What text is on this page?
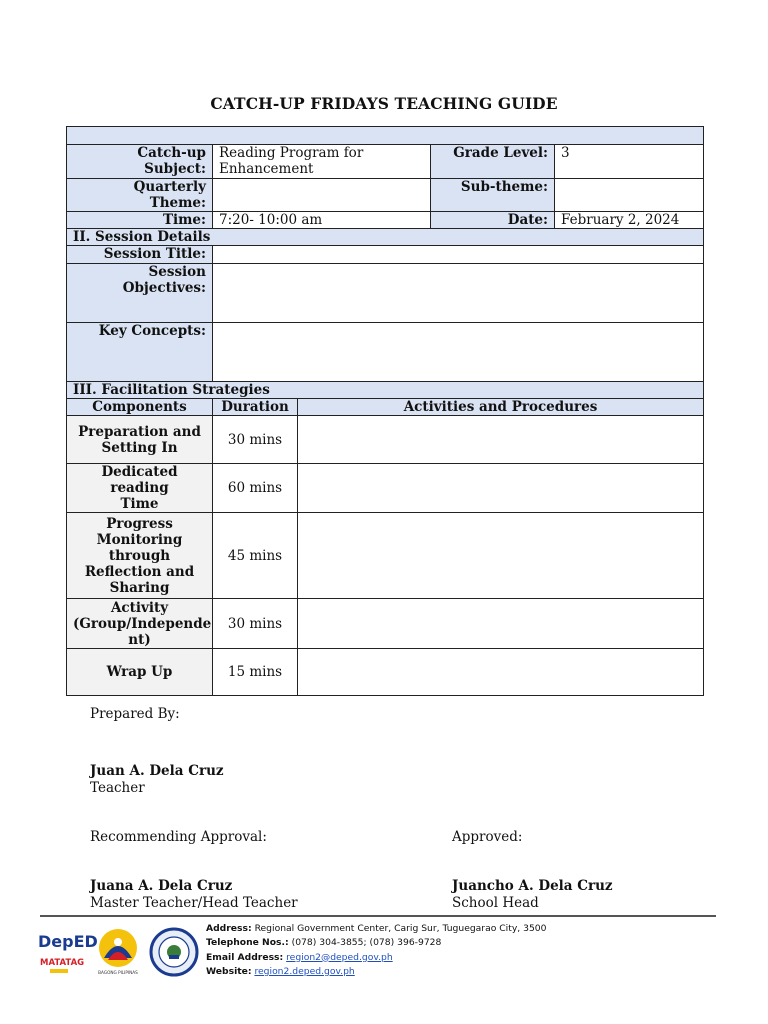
CATCH-UP FRIDAYS TEACHING GUIDE

Catch-up Subject:	Reading Program for
Enhancement		Grade Level:	3
Quarterly Theme:			Sub-theme:	
Time:	7:20- 10:00 am		Date:	February 2, 2024
II. Session Details				
Session Title:				

Session
Objectives:				

Key Concepts:				
III. Facilitation Strategies				
Components	Duration	Activities and Procedures		

Preparation and
Setting In	30 mins			

Dedicated reading
Time	60 mins			

Progress
Monitoring
through
Reflection and
Sharing	45 mins			

Activity
(Group/Independe
nt)	30 mins			

Wrap Up	15 mins			
Prepared By:
Juan A. Dela Cruz
Teacher
Recommending Approval:	Approved:
Juana A. Dela Cruz
Master Teacher/Head Teacher
Juancho A. Dela Cruz
School Head
DepED
MATATAG
BAGONG PILIPINAS
Address: Regional Government Center, Carig Sur, Tuguegarao City, 3500
Telephone Nos.: (078) 304-3855; (078) 396-9728
Email Address: region2@deped.gov.ph
Website: region2.deped.gov.ph
